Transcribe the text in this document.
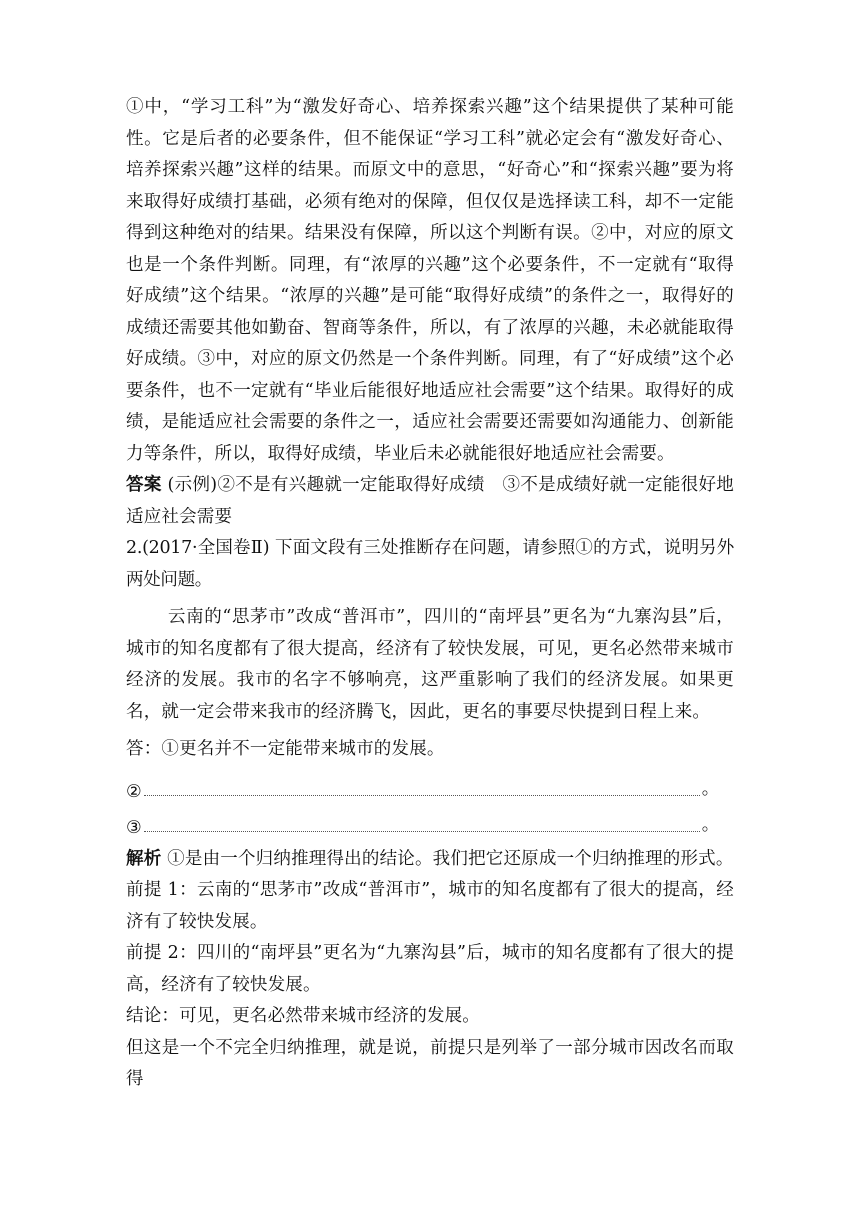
①中，“学习工科”为“激发好奇心、培养探索兴趣”这个结果提供了某种可能性。它是后者的必要条件，但不能保证“学习工科”就必定会有“激发好奇心、培养探索兴趣”这样的结果。而原文中的意思，“好奇心”和“探索兴趣”要为将来取得好成绩打基础，必须有绝对的保障，但仅仅是选择读工科，却不一定能得到这种绝对的结果。结果没有保障，所以这个判断有误。②中，对应的原文也是一个条件判断。同理，有“浓厚的兴趣”这个必要条件，不一定就有“取得好成绩”这个结果。“浓厚的兴趣”是可能“取得好成绩”的条件之一，取得好的成绩还需要其他如勤奋、智商等条件，所以，有了浓厚的兴趣，未必就能取得好成绩。③中，对应的原文仍然是一个条件判断。同理，有了“好成绩”这个必要条件，也不一定就有“毕业后能很好地适应社会需要”这个结果。取得好的成绩，是能适应社会需要的条件之一，适应社会需要还需要如沟通能力、创新能力等条件，所以，取得好成绩，毕业后未必就能很好地适应社会需要。

答案 (示例)②不是有兴趣就一定能取得好成绩　③不是成绩好就一定能很好地适应社会需要

2.(2017·全国卷Ⅱ) 下面文段有三处推断存在问题，请参照①的方式，说明另外两处问题。

云南的“思茅市”改成“普洱市”，四川的“南坪县”更名为“九寨沟县”后，城市的知名度都有了很大提高，经济有了较快发展，可见，更名必然带来城市经济的发展。我市的名字不够响亮，这严重影响了我们的经济发展。如果更名，就一定会带来我市的经济腾飞，因此，更名的事要尽快提到日程上来。

答：①更名并不一定能带来城市的发展。

②	。
③	。

解析 ①是由一个归纳推理得出的结论。我们把它还原成一个归纳推理的形式。

前提 1：云南的“思茅市”改成“普洱市”，城市的知名度都有了很大的提高，经济有了较快发展。

前提 2：四川的“南坪县”更名为“九寨沟县”后，城市的知名度都有了很大的提高，经济有了较快发展。

结论：可见，更名必然带来城市经济的发展。

但这是一个不完全归纳推理，就是说，前提只是列举了一部分城市因改名而取得
